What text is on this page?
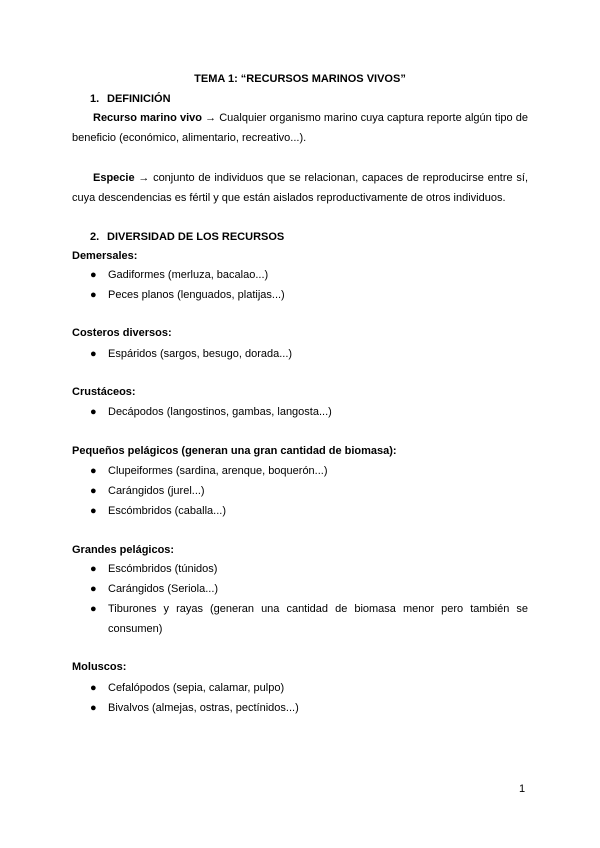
TEMA 1: “RECURSOS MARINOS VIVOS”
1. DEFINICIÓN
Recurso marino vivo → Cualquier organismo marino cuya captura reporte algún tipo de beneficio (económico, alimentario, recreativo...).
Especie → conjunto de individuos que se relacionan, capaces de reproducirse entre sí, cuya descendencias es fértil y que están aislados reproductivamente de otros individuos.
2. DIVERSIDAD DE LOS RECURSOS
Demersales:
●	Gadiformes (merluza, bacalao...)
●	Peces planos (lenguados, platijas...)
Costeros diversos:
●	Espáridos (sargos, besugo, dorada...)
Crustáceos:
●	Decápodos (langostinos, gambas, langosta...)
Pequeños pelágicos (generan una gran cantidad de biomasa):
●	Clupeiformes (sardina, arenque, boquerón...)
●	Carángidos (jurel...)
●	Escómbridos (caballa...)
Grandes pelágicos:
●	Escómbridos (túnidos)
●	Carángidos (Seriola...)
●	Tiburones y rayas (generan una cantidad de biomasa menor pero también se consumen)
Moluscos:
●	Cefalópodos (sepia, calamar, pulpo)
●	Bivalvos (almejas, ostras, pectínidos...)
1
